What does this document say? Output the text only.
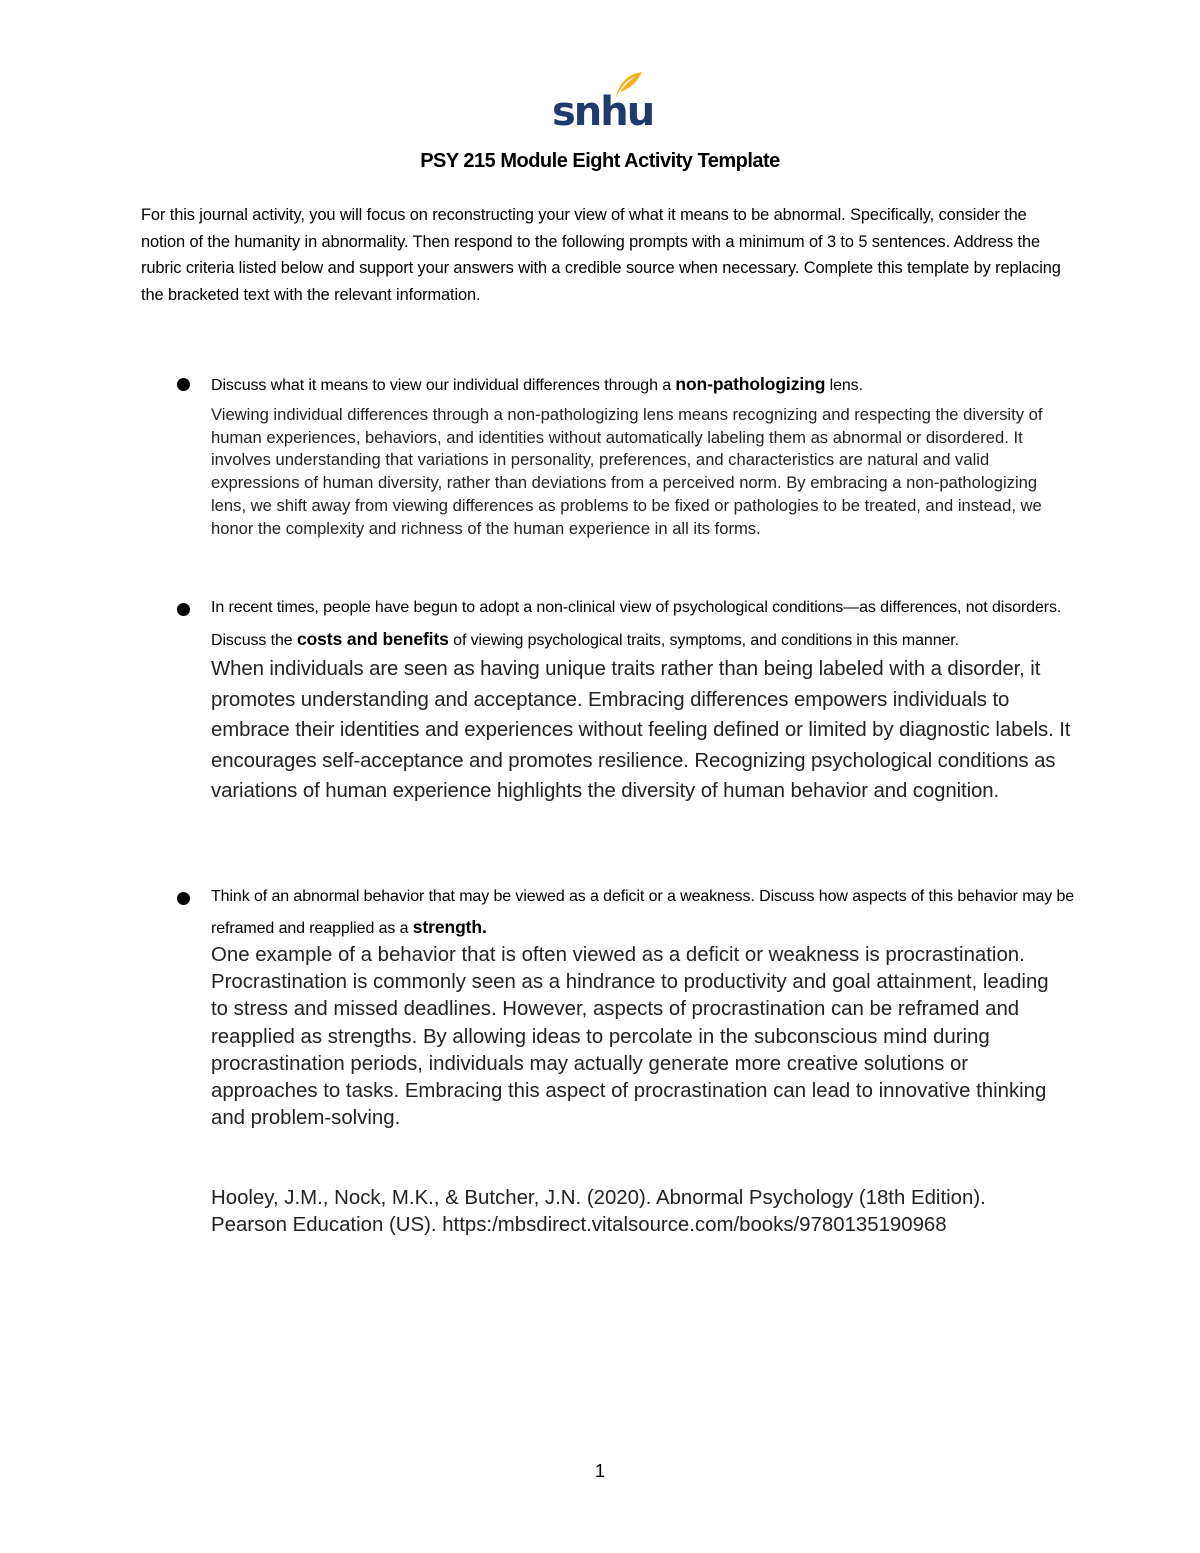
snhu
PSY 215 Module Eight Activity Template
For this journal activity, you will focus on reconstructing your view of what it means to be abnormal. Specifically, consider the notion of the humanity in abnormality. Then respond to the following prompts with a minimum of 3 to 5 sentences. Address the rubric criteria listed below and support your answers with a credible source when necessary. Complete this template by replacing the bracketed text with the relevant information.
Discuss what it means to view our individual differences through a non-pathologizing lens.
Viewing individual differences through a non-pathologizing lens means recognizing and respecting the diversity of human experiences, behaviors, and identities without automatically labeling them as abnormal or disordered. It involves understanding that variations in personality, preferences, and characteristics are natural and valid expressions of human diversity, rather than deviations from a perceived norm. By embracing a non-pathologizing lens, we shift away from viewing differences as problems to be fixed or pathologies to be treated, and instead, we honor the complexity and richness of the human experience in all its forms.
In recent times, people have begun to adopt a non-clinical view of psychological conditions—as differences, not disorders. Discuss the costs and benefits of viewing psychological traits, symptoms, and conditions in this manner.When individuals are seen as having unique traits rather than being labeled with a disorder, it promotes understanding and acceptance. Embracing differences empowers individuals to embrace their identities and experiences without feeling defined or limited by diagnostic labels. It encourages self-acceptance and promotes resilience. Recognizing psychological conditions as variations of human experience highlights the diversity of human behavior and cognition.
Think of an abnormal behavior that may be viewed as a deficit or a weakness. Discuss how aspects of this behavior may be reframed and reapplied as a strength.
One example of a behavior that is often viewed as a deficit or weakness is procrastination. Procrastination is commonly seen as a hindrance to productivity and goal attainment, leading to stress and missed deadlines. However, aspects of procrastination can be reframed and reapplied as strengths. By allowing ideas to percolate in the subconscious mind during procrastination periods, individuals may actually generate more creative solutions or approaches to tasks. Embracing this aspect of procrastination can lead to innovative thinking and problem-solving.
Hooley, J.M., Nock, M.K., & Butcher, J.N. (2020). Abnormal Psychology (18th Edition). Pearson Education (US). https:/mbsdirect.vitalsource.com/books/9780135190968
1
